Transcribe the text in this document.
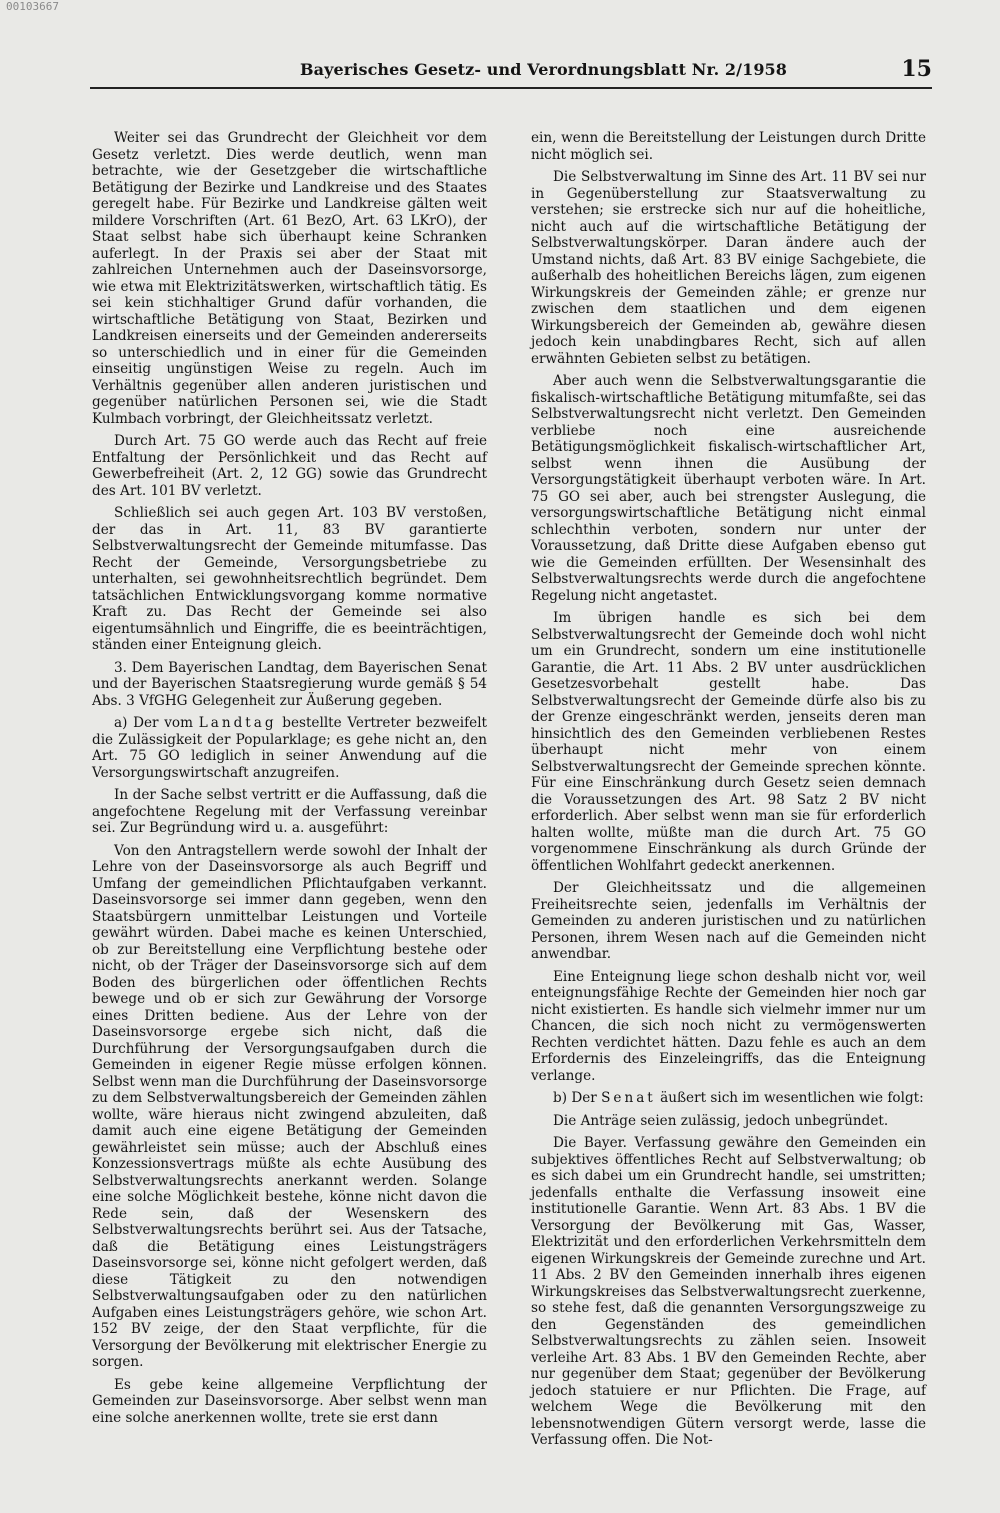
00103667
Bayerisches Gesetz- und Verordnungsblatt Nr. 2/1958	15

Weiter sei das Grundrecht der Gleichheit vor dem Gesetz verletzt. Dies werde deutlich, wenn man betrachte, wie der Gesetzgeber die wirtschaftliche Betätigung der Bezirke und Landkreise und des Staates geregelt habe. Für Bezirke und Landkreise gälten weit mildere Vorschriften (Art. 61 BezO, Art. 63 LKrO), der Staat selbst habe sich überhaupt keine Schranken auferlegt. In der Praxis sei aber der Staat mit zahlreichen Unternehmen auch der Daseinsvorsorge, wie etwa mit Elektrizitätswerken, wirtschaftlich tätig. Es sei kein stichhaltiger Grund dafür vorhanden, die wirtschaftliche Betätigung von Staat, Bezirken und Landkreisen einerseits und der Gemeinden andererseits so unterschiedlich und in einer für die Gemeinden einseitig ungünstigen Weise zu regeln. Auch im Verhältnis gegenüber allen anderen juristischen und gegenüber natürlichen Personen sei, wie die Stadt Kulmbach vorbringt, der Gleichheitssatz verletzt.

Durch Art. 75 GO werde auch das Recht auf freie Entfaltung der Persönlichkeit und das Recht auf Gewerbefreiheit (Art. 2, 12 GG) sowie das Grundrecht des Art. 101 BV verletzt.

Schließlich sei auch gegen Art. 103 BV verstoßen, der das in Art. 11, 83 BV garantierte Selbstverwaltungsrecht der Gemeinde mitumfasse. Das Recht der Gemeinde, Versorgungsbetriebe zu unterhalten, sei gewohnheitsrechtlich begründet. Dem tatsächlichen Entwicklungsvorgang komme normative Kraft zu. Das Recht der Gemeinde sei also eigentumsähnlich und Eingriffe, die es beeinträchtigen, ständen einer Enteignung gleich.

3. Dem Bayerischen Landtag, dem Bayerischen Senat und der Bayerischen Staatsregierung wurde gemäß § 54 Abs. 3 VfGHG Gelegenheit zur Äußerung gegeben.

a) Der vom Landtag bestellte Vertreter bezweifelt die Zulässigkeit der Popularklage; es gehe nicht an, den Art. 75 GO lediglich in seiner Anwendung auf die Versorgungswirtschaft anzugreifen.

In der Sache selbst vertritt er die Auffassung, daß die angefochtene Regelung mit der Verfassung vereinbar sei. Zur Begründung wird u. a. ausgeführt:

Von den Antragstellern werde sowohl der Inhalt der Lehre von der Daseinsvorsorge als auch Begriff und Umfang der gemeindlichen Pflichtaufgaben verkannt. Daseinsvorsorge sei immer dann gegeben, wenn den Staatsbürgern unmittelbar Leistungen und Vorteile gewährt würden. Dabei mache es keinen Unterschied, ob zur Bereitstellung eine Verpflichtung bestehe oder nicht, ob der Träger der Daseinsvorsorge sich auf dem Boden des bürgerlichen oder öffentlichen Rechts bewege und ob er sich zur Gewährung der Vorsorge eines Dritten bediene. Aus der Lehre von der Daseinsvorsorge ergebe sich nicht, daß die Durchführung der Versorgungsaufgaben durch die Gemeinden in eigener Regie müsse erfolgen können. Selbst wenn man die Durchführung der Daseinsvorsorge zu dem Selbstverwaltungsbereich der Gemeinden zählen wollte, wäre hieraus nicht zwingend abzuleiten, daß damit auch eine eigene Betätigung der Gemeinden gewährleistet sein müsse; auch der Abschluß eines Konzessionsvertrags müßte als echte Ausübung des Selbstverwaltungsrechts anerkannt werden. Solange eine solche Möglichkeit bestehe, könne nicht davon die Rede sein, daß der Wesenskern des Selbstverwaltungsrechts berührt sei. Aus der Tatsache, daß die Betätigung eines Leistungsträgers Daseinsvorsorge sei, könne nicht gefolgert werden, daß diese Tätigkeit zu den notwendigen Selbstverwaltungsaufgaben oder zu den natürlichen Aufgaben eines Leistungsträgers gehöre, wie schon Art. 152 BV zeige, der den Staat verpflichte, für die Versorgung der Bevölkerung mit elektrischer Energie zu sorgen.

Es gebe keine allgemeine Verpflichtung der Gemeinden zur Daseinsvorsorge. Aber selbst wenn man eine solche anerkennen wollte, trete sie erst dann

ein, wenn die Bereitstellung der Leistungen durch Dritte nicht möglich sei.

Die Selbstverwaltung im Sinne des Art. 11 BV sei nur in Gegenüberstellung zur Staatsverwaltung zu verstehen; sie erstrecke sich nur auf die hoheitliche, nicht auch auf die wirtschaftliche Betätigung der Selbstverwaltungskörper. Daran ändere auch der Umstand nichts, daß Art. 83 BV einige Sachgebiete, die außerhalb des hoheitlichen Bereichs lägen, zum eigenen Wirkungskreis der Gemeinden zähle; er grenze nur zwischen dem staatlichen und dem eigenen Wirkungsbereich der Gemeinden ab, gewähre diesen jedoch kein unabdingbares Recht, sich auf allen erwähnten Gebieten selbst zu betätigen.

Aber auch wenn die Selbstverwaltungsgarantie die fiskalisch-wirtschaftliche Betätigung mitumfaßte, sei das Selbstverwaltungsrecht nicht verletzt. Den Gemeinden verbliebe noch eine ausreichende Betätigungsmöglichkeit fiskalisch-wirtschaftlicher Art, selbst wenn ihnen die Ausübung der Versorgungstätigkeit überhaupt verboten wäre. In Art. 75 GO sei aber, auch bei strengster Auslegung, die versorgungswirtschaftliche Betätigung nicht einmal schlechthin verboten, sondern nur unter der Voraussetzung, daß Dritte diese Aufgaben ebenso gut wie die Gemeinden erfüllten. Der Wesensinhalt des Selbstverwaltungsrechts werde durch die angefochtene Regelung nicht angetastet.

Im übrigen handle es sich bei dem Selbstverwaltungsrecht der Gemeinde doch wohl nicht um ein Grundrecht, sondern um eine institutionelle Garantie, die Art. 11 Abs. 2 BV unter ausdrücklichen Gesetzesvorbehalt gestellt habe. Das Selbstverwaltungsrecht der Gemeinde dürfe also bis zu der Grenze eingeschränkt werden, jenseits deren man hinsichtlich des den Gemeinden verbliebenen Restes überhaupt nicht mehr von einem Selbstverwaltungsrecht der Gemeinde sprechen könnte. Für eine Einschränkung durch Gesetz seien demnach die Voraussetzungen des Art. 98 Satz 2 BV nicht erforderlich. Aber selbst wenn man sie für erforderlich halten wollte, müßte man die durch Art. 75 GO vorgenommene Einschränkung als durch Gründe der öffentlichen Wohlfahrt gedeckt anerkennen.

Der Gleichheitssatz und die allgemeinen Freiheitsrechte seien, jedenfalls im Verhältnis der Gemeinden zu anderen juristischen und zu natürlichen Personen, ihrem Wesen nach auf die Gemeinden nicht anwendbar.

Eine Enteignung liege schon deshalb nicht vor, weil enteignungsfähige Rechte der Gemeinden hier noch gar nicht existierten. Es handle sich vielmehr immer nur um Chancen, die sich noch nicht zu vermögenswerten Rechten verdichtet hätten. Dazu fehle es auch an dem Erfordernis des Einzeleingriffs, das die Enteignung verlange.

b) Der Senat äußert sich im wesentlichen wie folgt:

Die Anträge seien zulässig, jedoch unbegründet.

Die Bayer. Verfassung gewähre den Gemeinden ein subjektives öffentliches Recht auf Selbstverwaltung; ob es sich dabei um ein Grundrecht handle, sei umstritten; jedenfalls enthalte die Verfassung insoweit eine institutionelle Garantie. Wenn Art. 83 Abs. 1 BV die Versorgung der Bevölkerung mit Gas, Wasser, Elektrizität und den erforderlichen Verkehrsmitteln dem eigenen Wirkungskreis der Gemeinde zurechne und Art. 11 Abs. 2 BV den Gemeinden innerhalb ihres eigenen Wirkungskreises das Selbstverwaltungsrecht zuerkenne, so stehe fest, daß die genannten Versorgungszweige zu den Gegenständen des gemeindlichen Selbstverwaltungsrechts zu zählen seien. Insoweit verleihe Art. 83 Abs. 1 BV den Gemeinden Rechte, aber nur gegenüber dem Staat; gegenüber der Bevölkerung jedoch statuiere er nur Pflichten. Die Frage, auf welchem Wege die Bevölkerung mit den lebensnotwendigen Gütern versorgt werde, lasse die Verfassung offen. Die Not-
